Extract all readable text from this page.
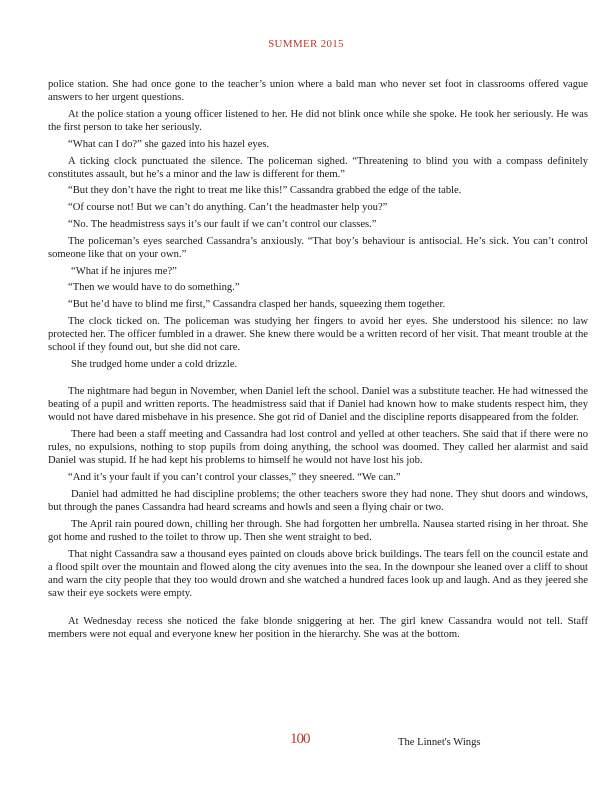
SUMMER 2015

police station. She had once gone to the teacher’s union where a bald man who never set foot in classrooms offered vague answers to her urgent questions.

At the police station a young officer listened to her. He did not blink once while she spoke. He took her seriously. He was the first person to take her seriously.

“What can I do?” she gazed into his hazel eyes.

A ticking clock punctuated the silence. The policeman sighed. “Threatening to blind you with a compass definitely constitutes assault, but he’s a minor and the law is different for them.”

“But they don’t have the right to treat me like this!” Cassandra grabbed the edge of the table.

“Of course not! But we can’t do anything. Can’t the headmaster help you?”

“No. The headmistress says it’s our fault if we can’t control our classes.”

The policeman’s eyes searched Cassandra’s anxiously. “That boy’s behaviour is antisocial. He’s sick. You can’t control someone like that on your own.”

“What if he injures me?”

“Then we would have to do something.”

“But he’d have to blind me first,” Cassandra clasped her hands, squeezing them together.

The clock ticked on. The policeman was studying her fingers to avoid her eyes. She understood his silence: no law protected her. The officer fumbled in a drawer. She knew there would be a written record of her visit. That meant trouble at the school if they found out, but she did not care.

She trudged home under a cold drizzle.

The nightmare had begun in November, when Daniel left the school. Daniel was a substitute teacher. He had witnessed the beating of a pupil and written reports. The headmistress said that if Daniel had known how to make students respect him, they would not have dared misbehave in his presence. She got rid of Daniel and the discipline reports disappeared from the folder.

There had been a staff meeting and Cassandra had lost control and yelled at other teachers. She said that if there were no rules, no expulsions, nothing to stop pupils from doing anything, the school was doomed. They called her alarmist and said Daniel was stupid. If he had kept his problems to himself he would not have lost his job.

“And it’s your fault if you can’t control your classes,” they sneered. “We can.”

Daniel had admitted he had discipline problems; the other teachers swore they had none. They shut doors and windows, but through the panes Cassandra had heard screams and howls and seen a flying chair or two.

The April rain poured down, chilling her through. She had forgotten her umbrella. Nausea started rising in her throat. She got home and rushed to the toilet to throw up. Then she went straight to bed.

That night Cassandra saw a thousand eyes painted on clouds above brick buildings. The tears fell on the council estate and a flood spilt over the mountain and flowed along the city avenues into the sea. In the downpour she leaned over a cliff to shout and warn the city people that they too would drown and she watched a hundred faces look up and laugh. And as they jeered she saw their eye sockets were empty.

At Wednesday recess she noticed the fake blonde sniggering at her. The girl knew Cassandra would not tell. Staff members were not equal and everyone knew her position in the hierarchy. She was at the bottom.

100	The Linnet's Wings
